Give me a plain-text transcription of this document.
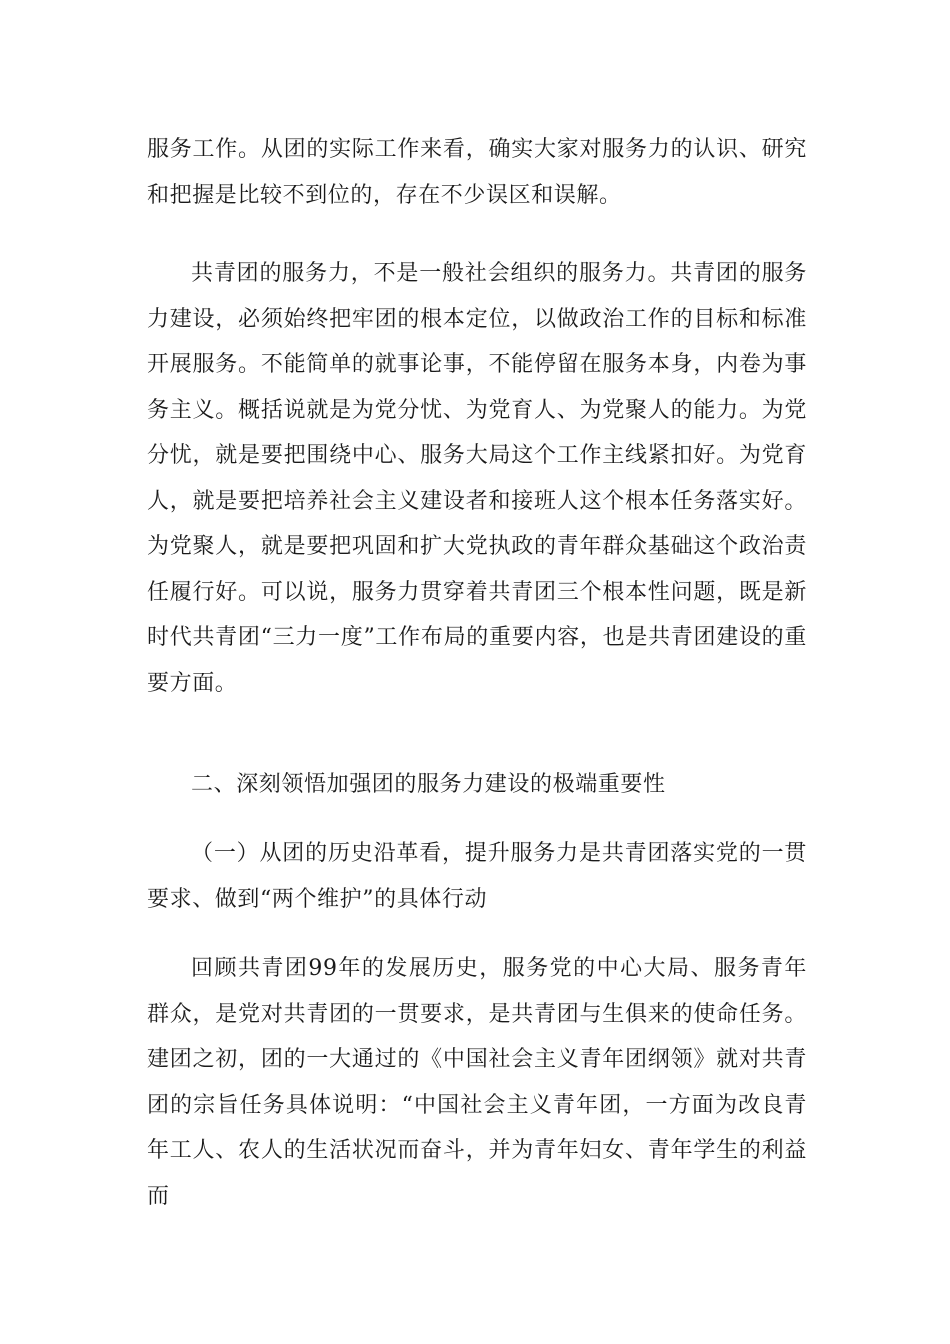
服务工作。从团的实际工作来看，确实大家对服务力的认识、研究和把握是比较不到位的，存在不少误区和误解。

共青团的服务力，不是一般社会组织的服务力。共青团的服务力建设，必须始终把牢团的根本定位，以做政治工作的目标和标准开展服务。不能简单的就事论事，不能停留在服务本身，内卷为事务主义。概括说就是为党分忧、为党育人、为党聚人的能力。为党分忧，就是要把围绕中心、服务大局这个工作主线紧扣好。为党育人，就是要把培养社会主义建设者和接班人这个根本任务落实好。为党聚人，就是要把巩固和扩大党执政的青年群众基础这个政治责任履行好。可以说，服务力贯穿着共青团三个根本性问题，既是新时代共青团“三力一度”工作布局的重要内容，也是共青团建设的重要方面。

二、深刻领悟加强团的服务力建设的极端重要性

（一）从团的历史沿革看，提升服务力是共青团落实党的一贯要求、做到“两个维护”的具体行动

回顾共青团99年的发展历史，服务党的中心大局、服务青年群众，是党对共青团的一贯要求，是共青团与生俱来的使命任务。建团之初，团的一大通过的《中国社会主义青年团纲领》就对共青团的宗旨任务具体说明：“中国社会主义青年团，一方面为改良青年工人、农人的生活状况而奋斗，并为青年妇女、青年学生的利益而
